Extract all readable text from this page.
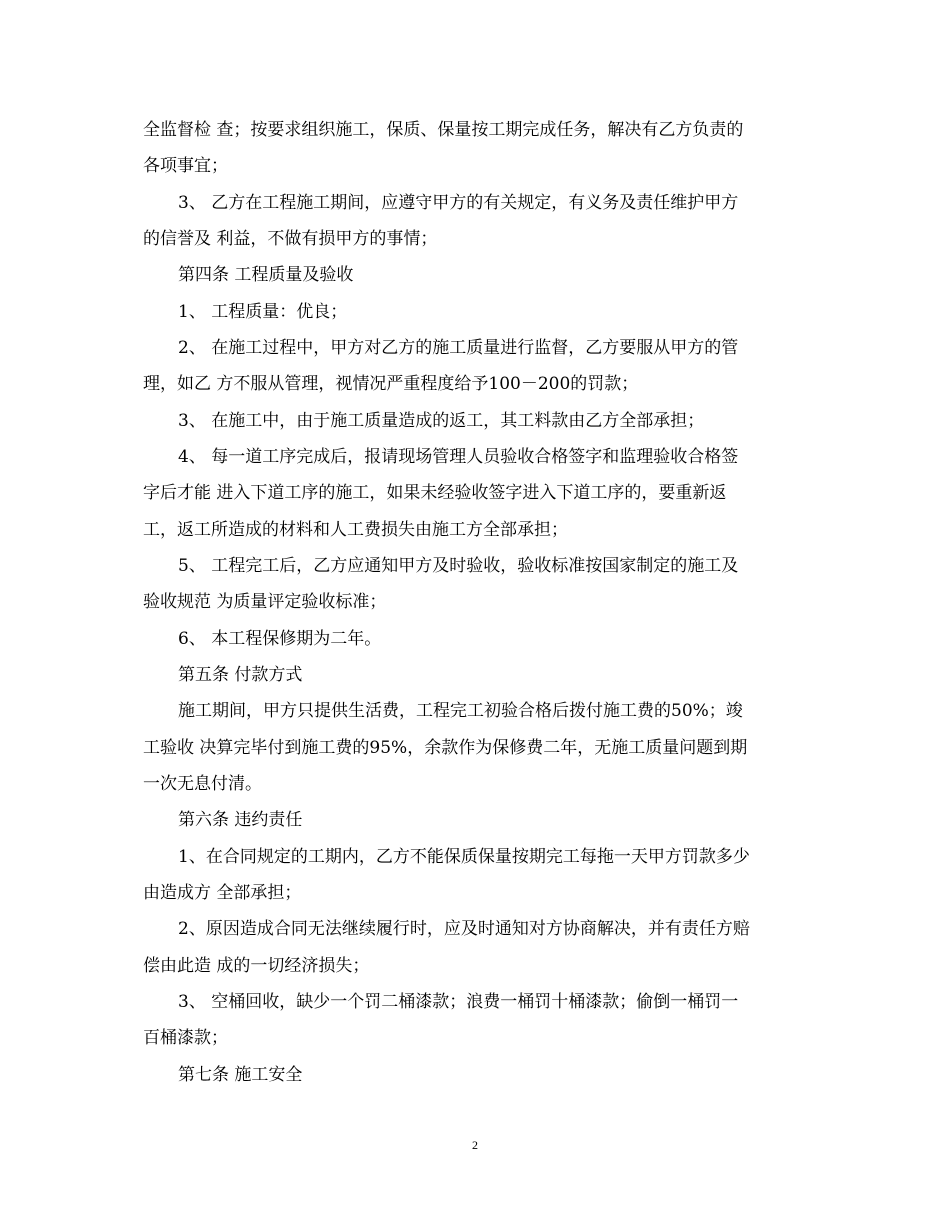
全监督检 查；按要求组织施工，保质、保量按工期完成任务，解决有乙方负责的
各项事宜；
3、 乙方在工程施工期间，应遵守甲方的有关规定，有义务及责任维护甲方
的信誉及 利益，不做有损甲方的事情；
第四条 工程质量及验收
1、 工程质量：优良；
2、 在施工过程中，甲方对乙方的施工质量进行监督，乙方要服从甲方的管
理，如乙 方不服从管理，视情况严重程度给予100－200的罚款；
3、 在施工中，由于施工质量造成的返工，其工料款由乙方全部承担；
4、 每一道工序完成后，报请现场管理人员验收合格签字和监理验收合格签
字后才能 进入下道工序的施工，如果未经验收签字进入下道工序的，要重新返
工，返工所造成的材料和人工费损失由施工方全部承担；
5、 工程完工后，乙方应通知甲方及时验收，验收标准按国家制定的施工及
验收规范 为质量评定验收标准；
6、 本工程保修期为二年。
第五条 付款方式
施工期间，甲方只提供生活费，工程完工初验合格后拨付施工费的50%；竣
工验收 决算完毕付到施工费的95%，余款作为保修费二年，无施工质量问题到期
一次无息付清。
第六条 违约责任
1、在合同规定的工期内，乙方不能保质保量按期完工每拖一天甲方罚款多少
由造成方 全部承担；
2、原因造成合同无法继续履行时，应及时通知对方协商解决，并有责任方赔
偿由此造 成的一切经济损失；
3、 空桶回收，缺少一个罚二桶漆款；浪费一桶罚十桶漆款；偷倒一桶罚一
百桶漆款；
第七条 施工安全
2
